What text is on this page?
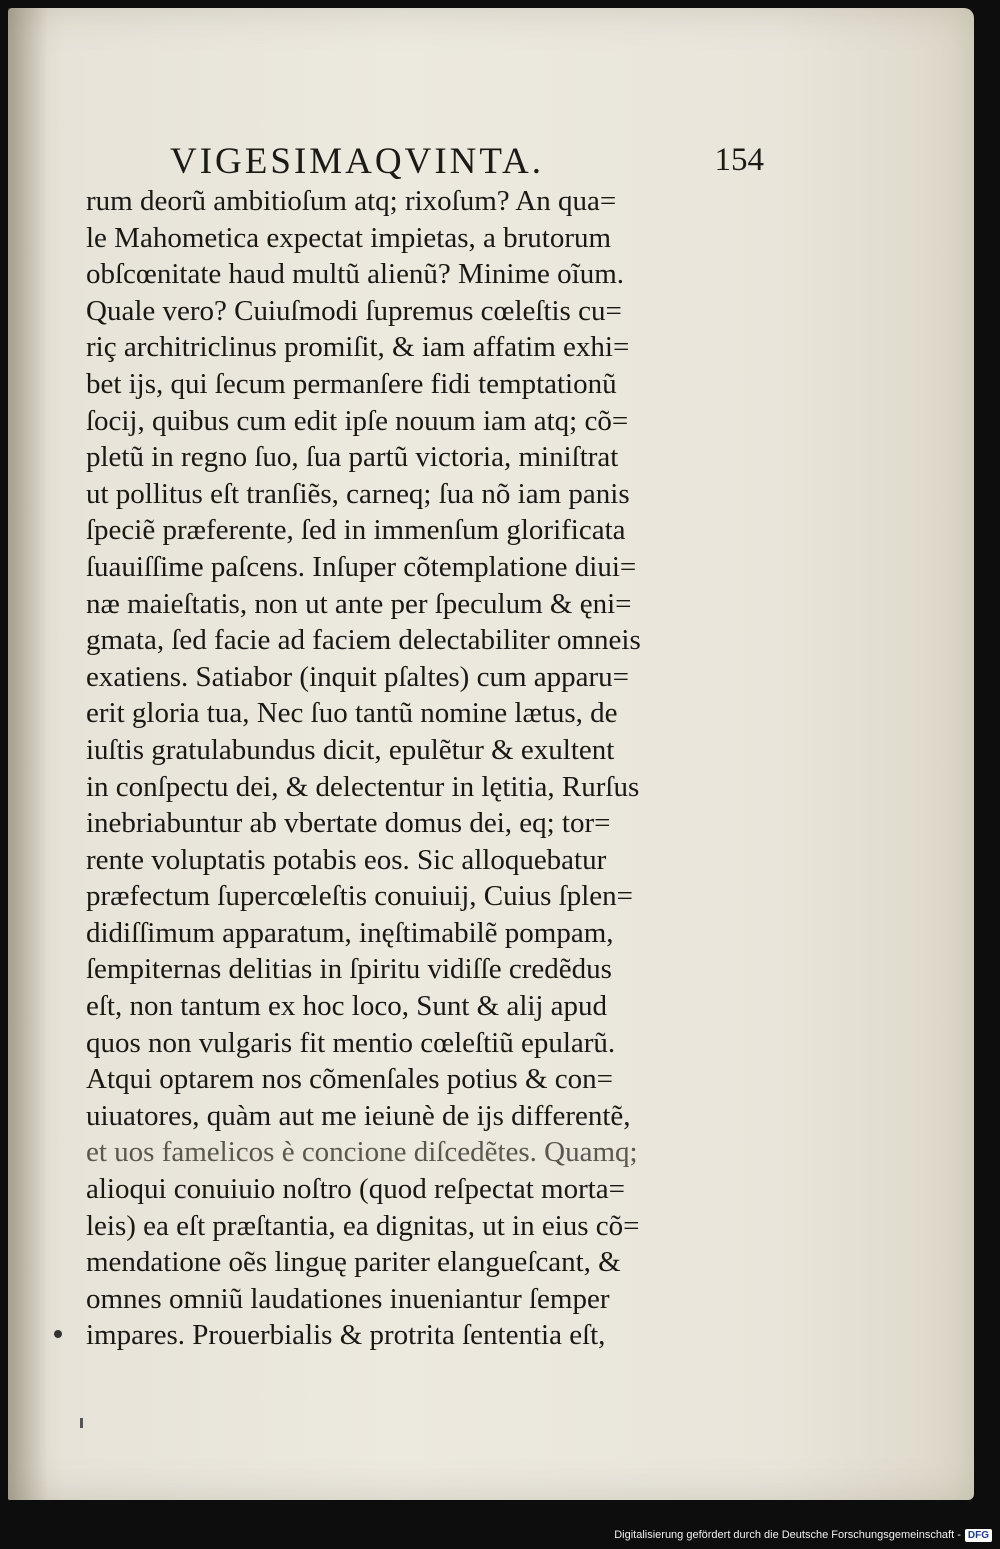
VIGESIMAQVINTA.	154
rum deorũ ambitioſum atq; rixoſum? An qua=
le Mahometica expectat impietas, a brutorum
obſcœnitate haud multũ alienũ? Minime oĩum.
Quale vero? Cuiuſmodi ſupremus cœleſtis cu=
riç architriclinus promiſit, & iam affatim exhi=
bet ĳs, qui ſecum permanſere fidi temptationũ
ſocĳ, quibus cum edit ipſe nouum iam atq; cõ=
pletũ in regno ſuo, ſua partũ victoria, miniſtrat
ut pollitus eſt tranſiẽs, carneq; ſua nõ iam panis
ſpeciẽ præferente, ſed in immenſum glorificata
ſuauiſſime paſcens. Inſuper cõtemplatione diui=
næ maieſtatis, non ut ante per ſpeculum & ęni=
gmata, ſed facie ad faciem delectabiliter omneis
exatiens. Satiabor (inquit pſaltes) cum apparu=
erit gloria tua, Nec ſuo tantũ nomine lætus, de
iuſtis gratulabundus dicit, epulẽtur & exultent
in conſpectu dei, & delectentur in lętitia, Rurſus
inebriabuntur ab vbertate domus dei, eq; tor=
rente voluptatis potabis eos. Sic alloquebatur
præfectum ſupercœleſtis conuiuĳ, Cuius ſplen=
didiſſimum apparatum, inęſtimabilẽ pompam,
ſempiternas delitias in ſpiritu vidiſſe credẽdus
eſt, non tantum ex hoc loco, Sunt & alĳ apud
quos non vulgaris fit mentio cœleſtiũ epularũ.
Atqui optarem nos cõmenſales potius & con=
uiuatores, quàm aut me ieiunè de ĳs differentẽ,
et uos famelicos è concione diſcedẽtes. Quamq;
alioqui conuiuio noſtro (quod reſpectat morta=
leis) ea eſt præſtantia, ea dignitas, ut in eius cõ=
mendatione oẽs linguę pariter elangueſcant, &
omnes omniũ laudationes inueniantur ſemper
impares. Prouerbialis & protrita ſententia eſt,
Digitalisierung gefördert durch die Deutsche Forschungsgemeinschaft - DFG
